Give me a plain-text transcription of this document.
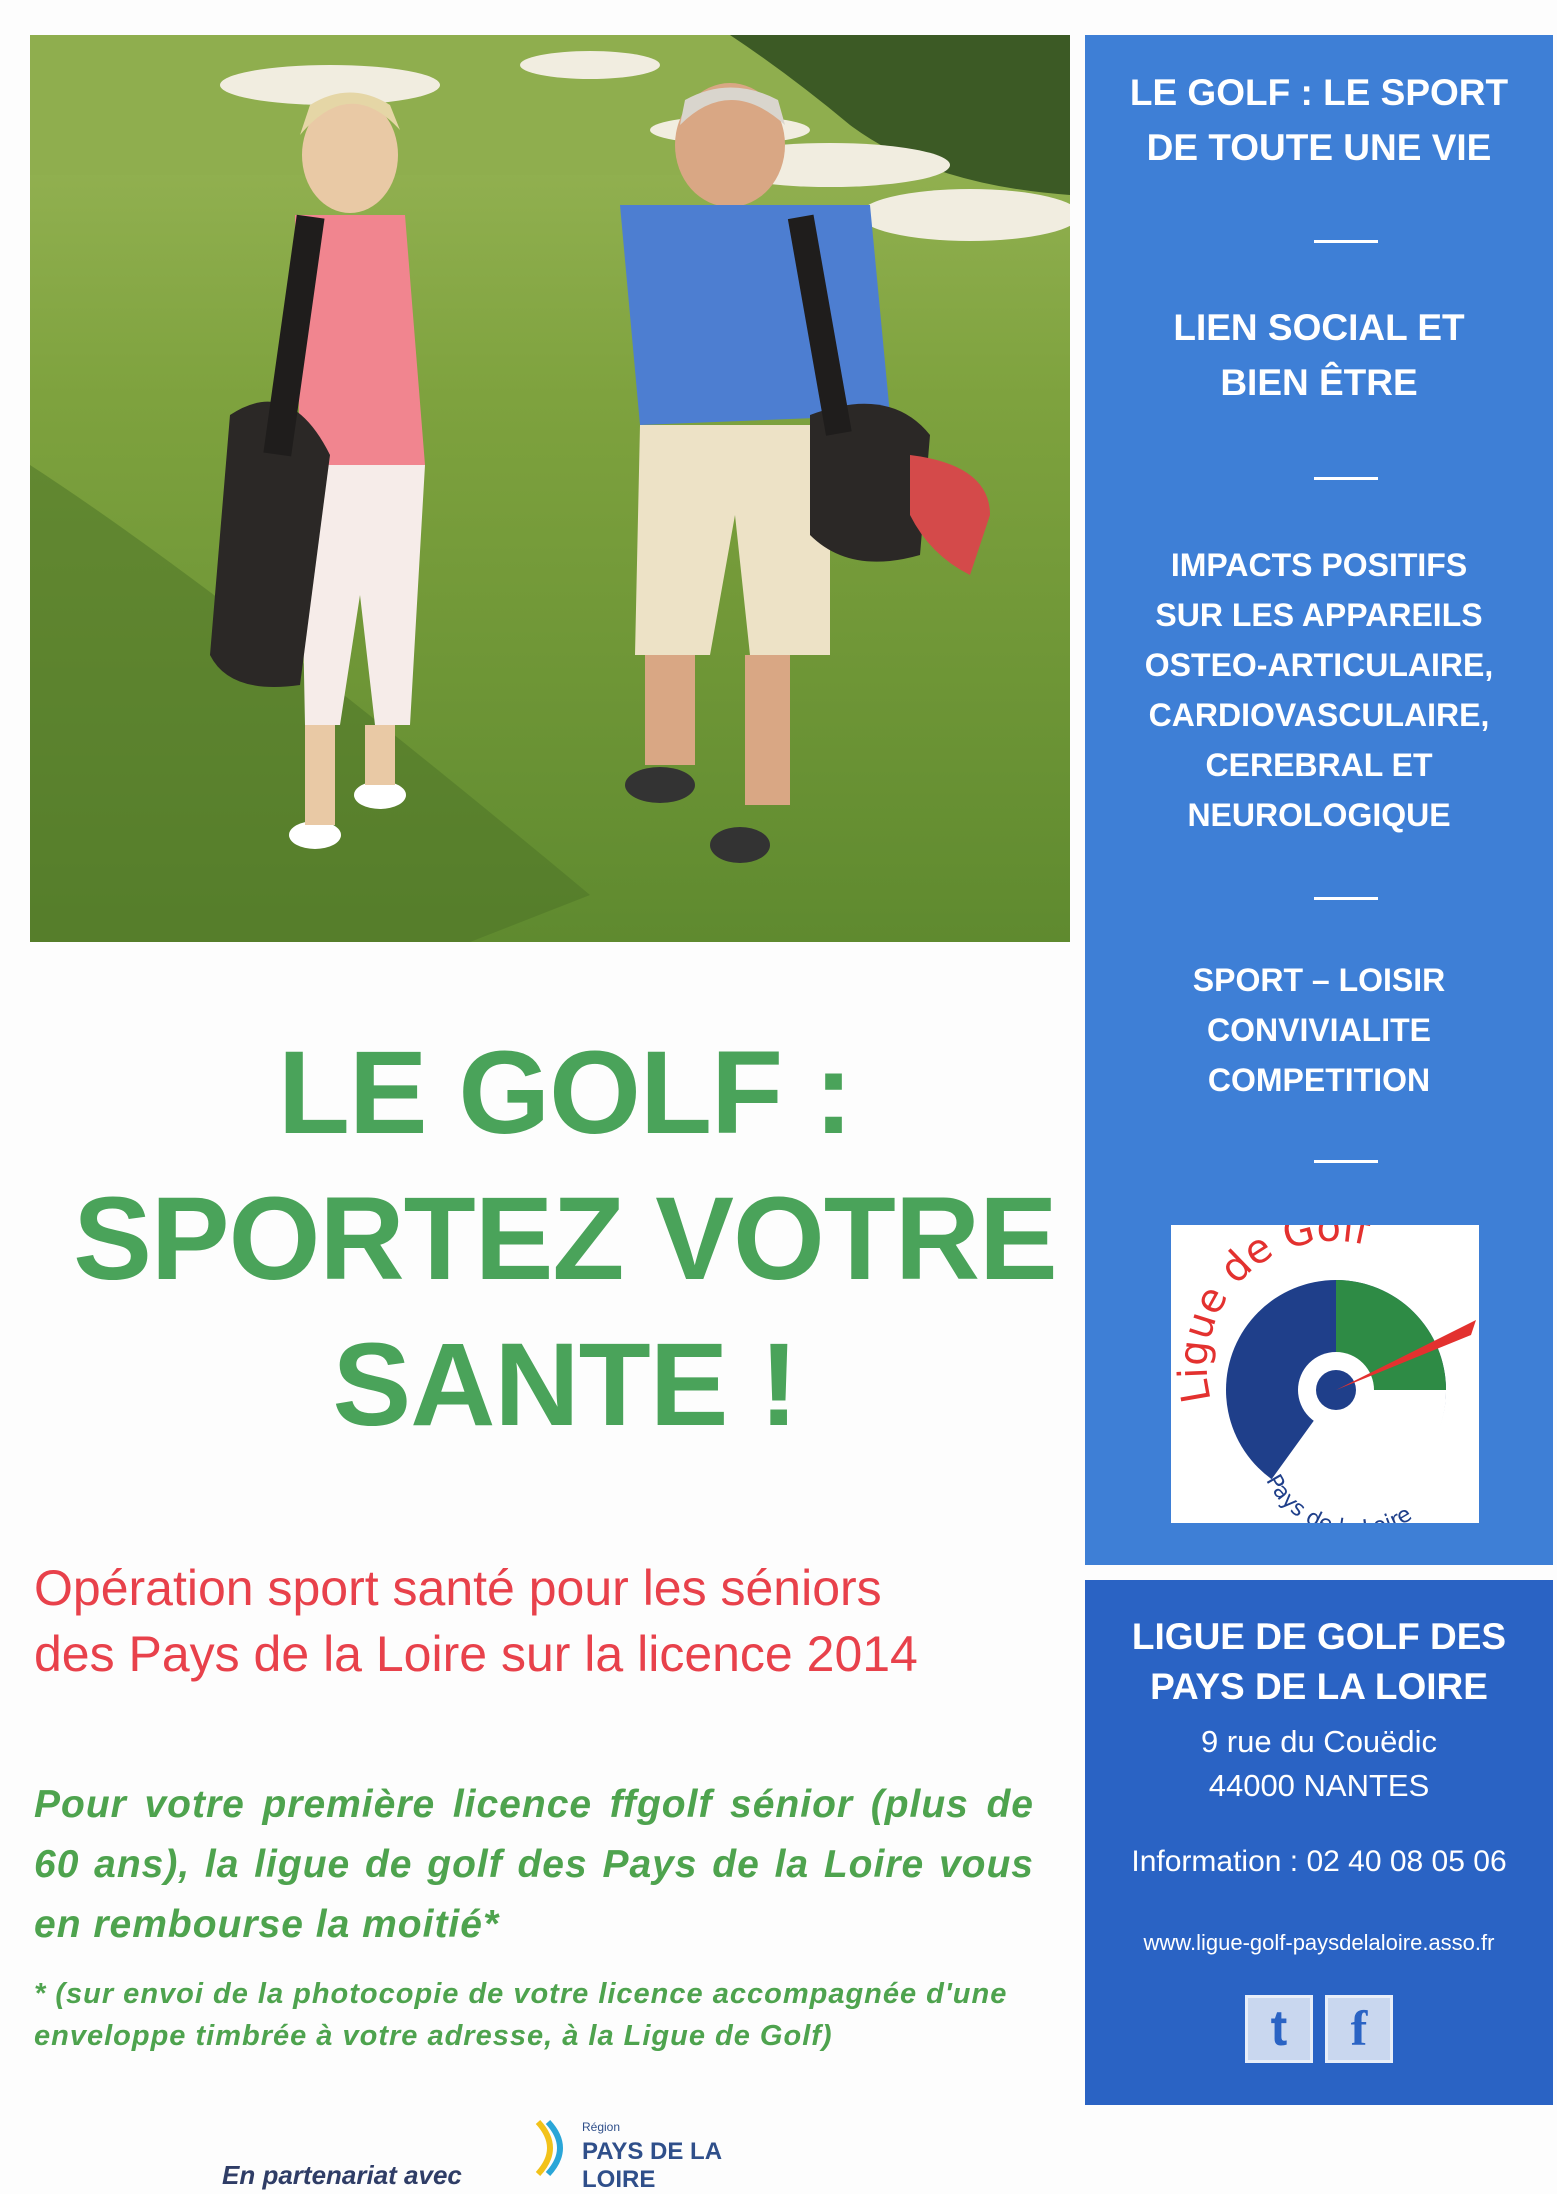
LE GOLF :
SPORTEZ VOTRE
SANTE !

Opération sport santé pour les séniors
des Pays de la Loire sur la licence 2014

Pour votre première licence ffgolf sénior (plus de 60 ans), la ligue de golf des Pays de la Loire vous en rembourse la moitié*

* (sur envoi de la photocopie de votre licence accompagnée d'une enveloppe timbrée à votre adresse, à la Ligue de Golf)

En partenariat avec
Région
PAYS DE LA LOIRE
LE GOLF : LE SPORT
DE TOUTE UNE VIE
LIEN SOCIAL ET
BIEN ÊTRE
IMPACTS POSITIFS
SUR LES APPAREILS
OSTEO-ARTICULAIRE,
CARDIOVASCULAIRE,
CEREBRAL ET
NEUROLOGIQUE
SPORT – LOISIR
CONVIVIALITE
COMPETITION
Ligue de Golf
Pays d re
LIGUE DE GOLF DES
PAYS DE LA LOIRE
9 rue du Couëdic
44000 NANTES
Information : 02 40 08 05 06
www.ligue-golf-paysdelaloire.asso.fr
t	f
